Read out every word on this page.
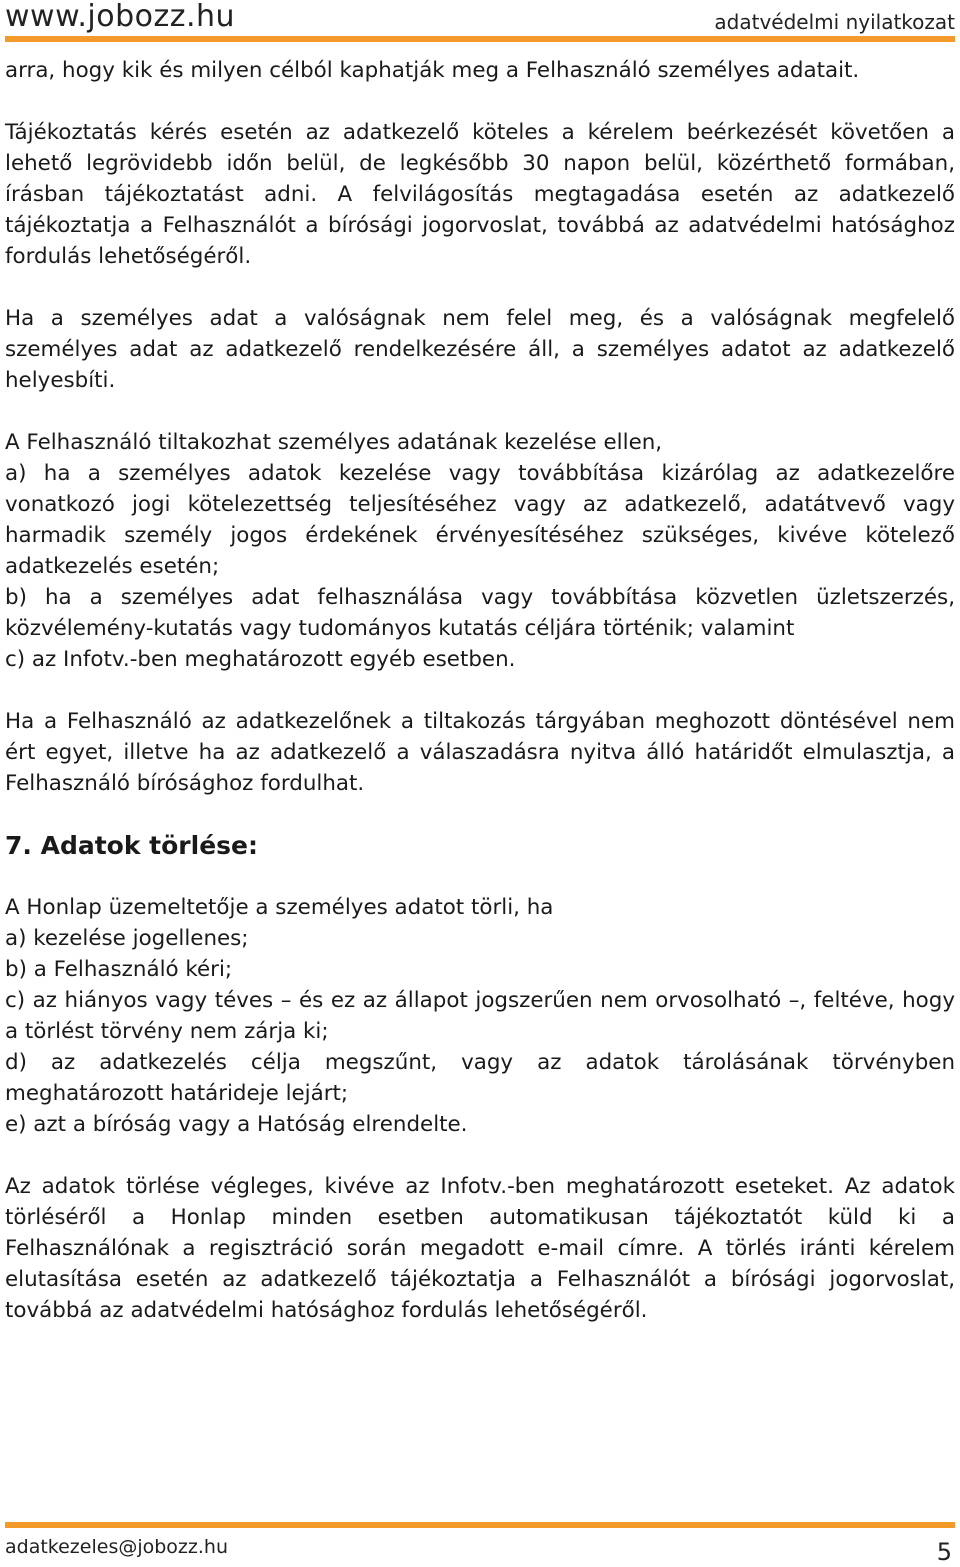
www.jobozz.hu	adatvédelmi nyilatkozat

arra, hogy kik és milyen célból kaphatják meg a Felhasználó személyes adatait.

Tájékoztatás kérés esetén az adatkezelő köteles a kérelem beérkezését követően a lehető legrövidebb időn belül, de legkésőbb 30 napon belül, közérthető formában, írásban tájékoztatást adni. A felvilágosítás megtagadása esetén az adatkezelő tájékoztatja a Felhasználót a bírósági jogorvoslat, továbbá az adatvédelmi hatósághoz fordulás lehetőségéről.

Ha a személyes adat a valóságnak nem felel meg, és a valóságnak megfelelő személyes adat az adatkezelő rendelkezésére áll, a személyes adatot az adatkezelő helyesbíti.

A Felhasználó tiltakozhat személyes adatának kezelése ellen,

a) ha a személyes adatok kezelése vagy továbbítása kizárólag az adatkezelőre vonatkozó jogi kötelezettség teljesítéséhez vagy az adatkezelő, adatátvevő vagy harmadik személy jogos érdekének érvényesítéséhez szükséges, kivéve kötelező adatkezelés esetén;

b) ha a személyes adat felhasználása vagy továbbítása közvetlen üzletszerzés, közvélemény-kutatás vagy tudományos kutatás céljára történik; valamint

c) az Infotv.-ben meghatározott egyéb esetben.

Ha a Felhasználó az adatkezelőnek a tiltakozás tárgyában meghozott döntésével nem ért egyet, illetve ha az adatkezelő a válaszadásra nyitva álló határidőt elmulasztja, a Felhasználó bírósághoz fordulhat.

7. Adatok törlése:

A Honlap üzemeltetője a személyes adatot törli, ha

a) kezelése jogellenes;

b) a Felhasználó kéri;

c) az hiányos vagy téves – és ez az állapot jogszerűen nem orvosolható –, feltéve, hogy a törlést törvény nem zárja ki;

d) az adatkezelés célja megszűnt, vagy az adatok tárolásának törvényben meghatározott határideje lejárt;

e) azt a bíróság vagy a Hatóság elrendelte.

Az adatok törlése végleges, kivéve az Infotv.-ben meghatározott eseteket. Az adatok törléséről a Honlap minden esetben automatikusan tájékoztatót küld ki a Felhasználónak a regisztráció során megadott e-mail címre. A törlés iránti kérelem elutasítása esetén az adatkezelő tájékoztatja a Felhasználót a bírósági jogorvoslat, továbbá az adatvédelmi hatósághoz fordulás lehetőségéről.

adatkezeles@jobozz.hu	5
